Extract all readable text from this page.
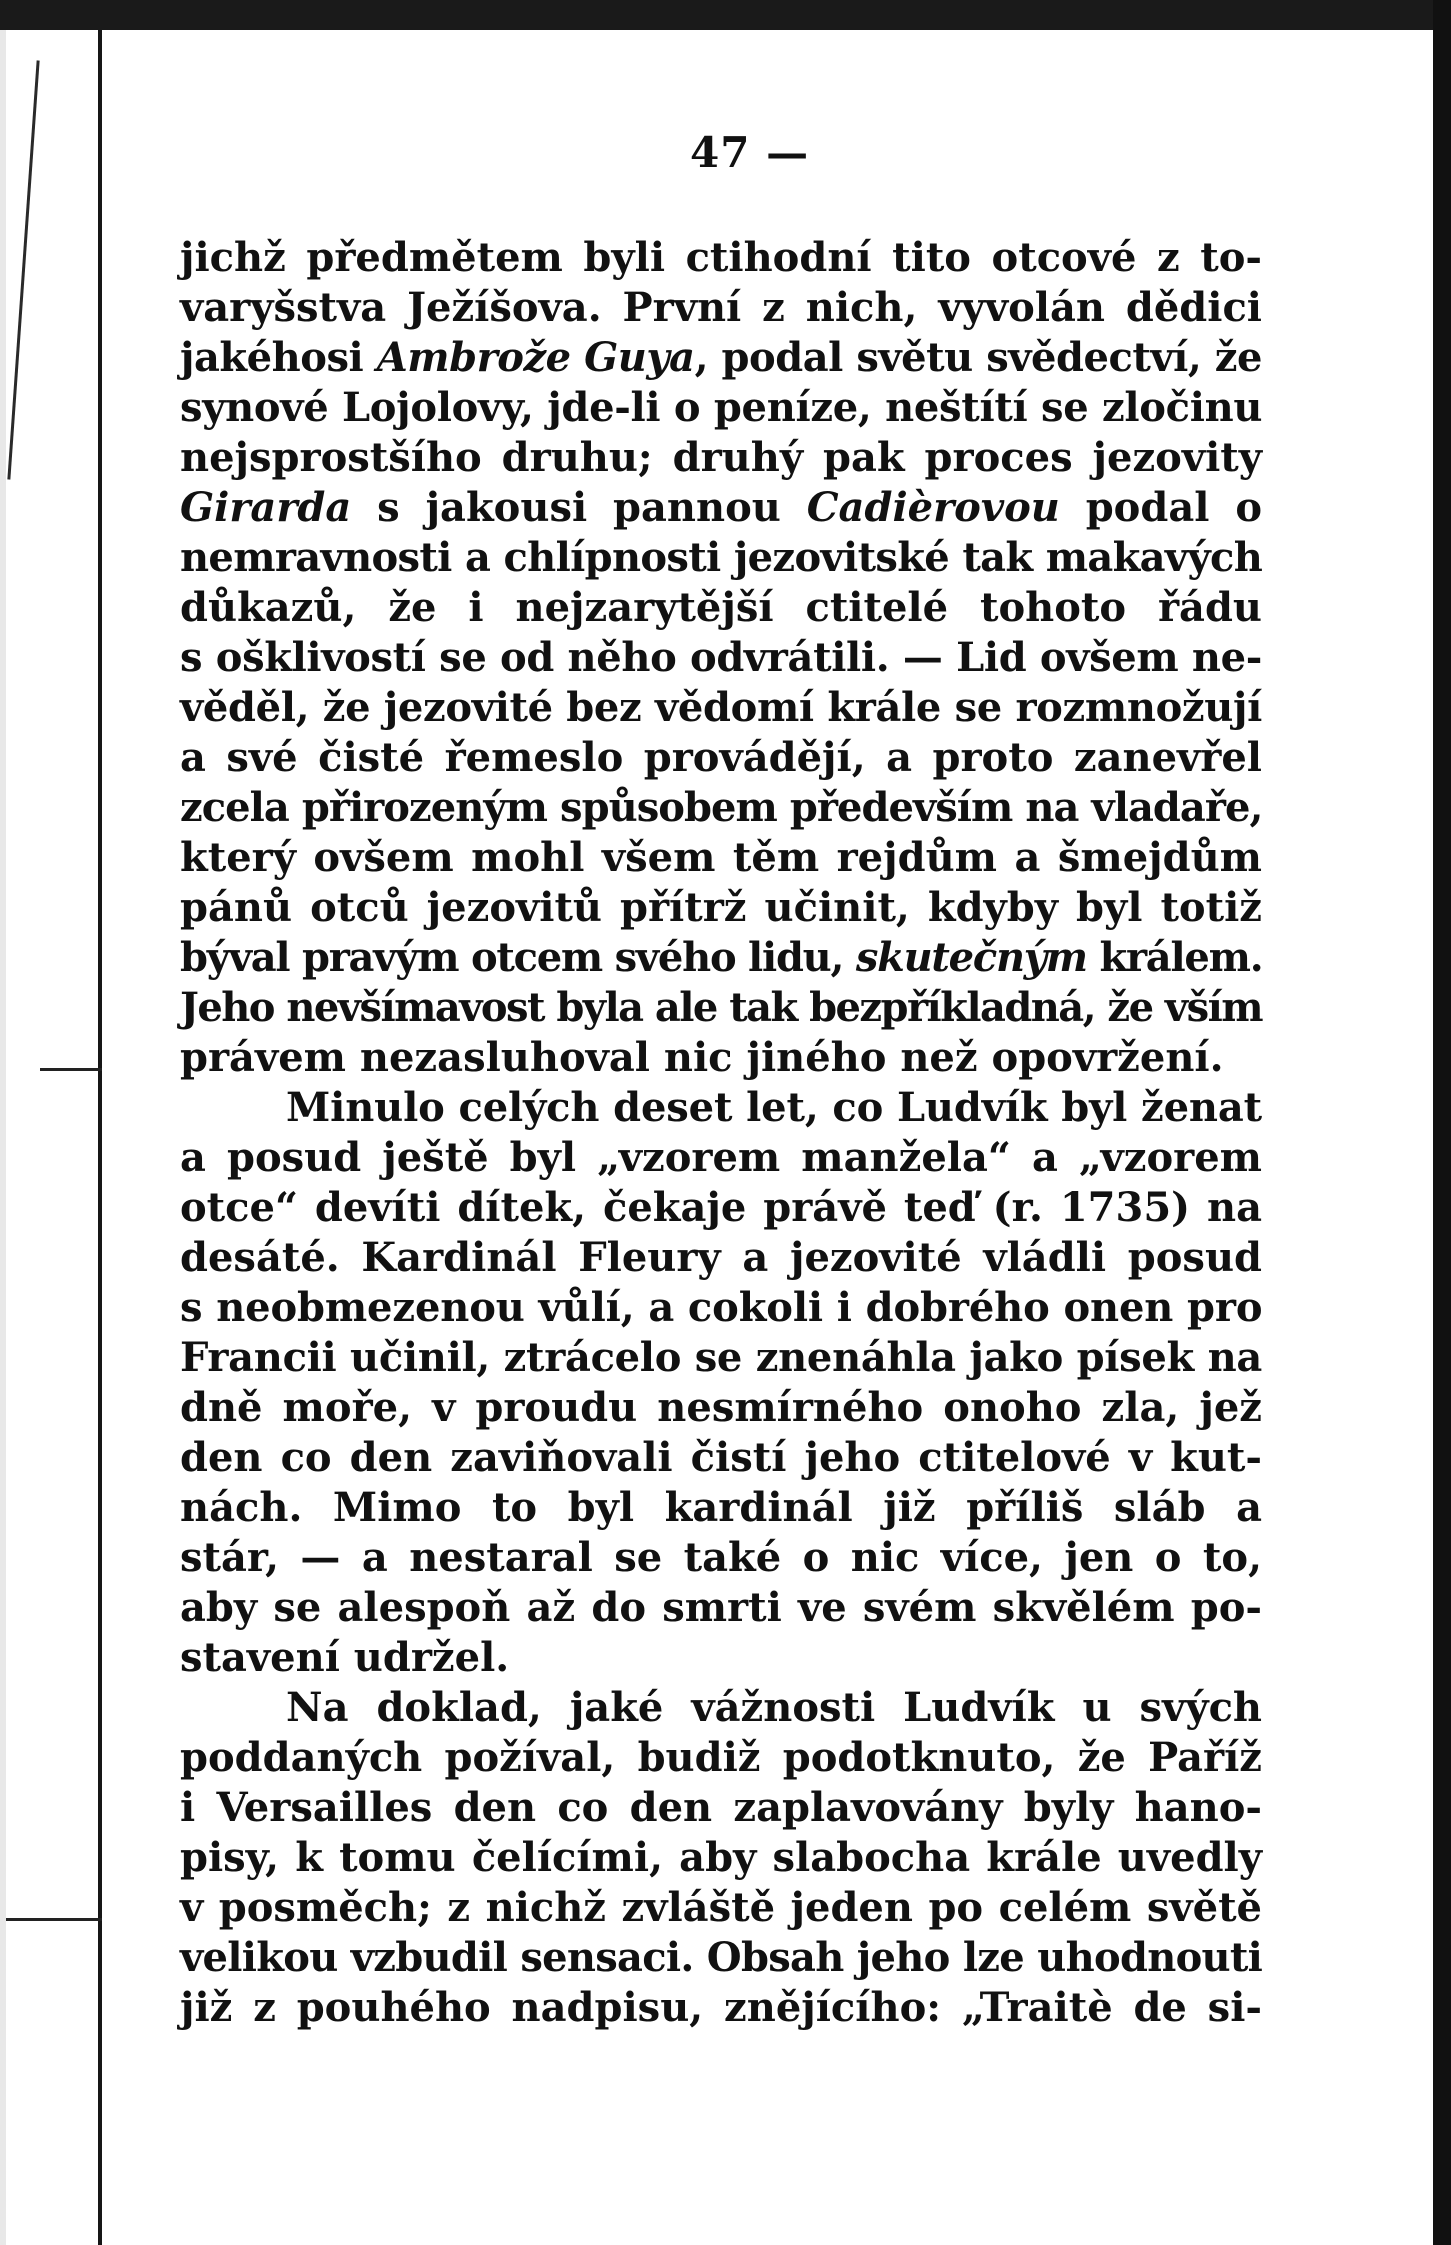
47 —
jichž předmětem byli ctihodní tito otcové z to-
varyšstva Ježíšova. První z nich, vyvolán dědici
jakéhosi Ambrože Guya, podal světu svědectví, že
synové Lojolovy, jde-li o peníze, neštítí se zločinu
nejsprostšího druhu; druhý pak proces jezovity
Girarda s jakousi pannou Cadièrovou podal o
nemravnosti a chlípnosti jezovitské tak makavých
důkazů, že i nejzarytější ctitelé tohoto řádu
s ošklivostí se od něho odvrátili. — Lid ovšem ne-
věděl, že jezovité bez vědomí krále se rozmnožují
a své čisté řemeslo provádějí, a proto zanevřel
zcela přirozeným spůsobem především na vladaře,
který ovšem mohl všem těm rejdům a šmejdům
pánů otců jezovitů přítrž učinit, kdyby byl totiž
býval pravým otcem svého lidu, skutečným králem.
Jeho nevšímavost byla ale tak bezpříkladná, že vším
právem nezasluhoval nic jiného než opovržení.
Minulo celých deset let, co Ludvík byl ženat
a posud ještě byl „vzorem manžela“ a „vzorem
otce“ devíti dítek, čekaje právě teď (r. 1735) na
desáté. Kardinál Fleury a jezovité vládli posud
s neobmezenou vůlí, a cokoli i dobrého onen pro
Francii učinil, ztrácelo se znenáhla jako písek na
dně moře, v proudu nesmírného onoho zla, jež
den co den zaviňovali čistí jeho ctitelové v kut-
nách. Mimo to byl kardinál již příliš sláb a
stár, — a nestaral se také o nic více, jen o to,
aby se alespoň až do smrti ve svém skvělém po-
stavení udržel.
Na doklad, jaké vážnosti Ludvík u svých
poddaných požíval, budiž podotknuto, že Paříž
i Versailles den co den zaplavovány byly hano-
pisy, k tomu čelícími, aby slabocha krále uvedly
v posměch; z nichž zvláště jeden po celém světě
velikou vzbudil sensaci. Obsah jeho lze uhodnouti
již z pouhého nadpisu, znějícího: „Traitè de si-
